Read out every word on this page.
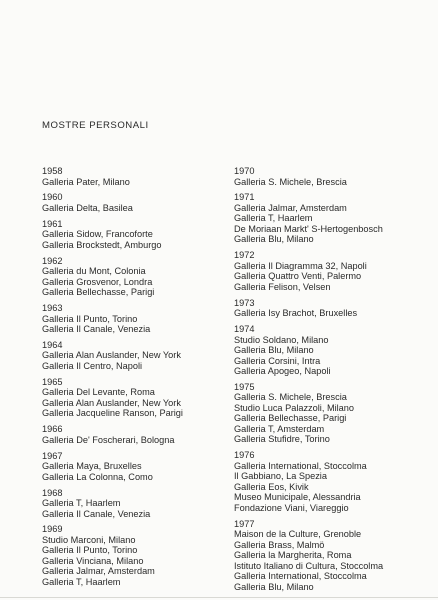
MOSTRE PERSONALI
1958
Galleria Pater, Milano
1960
Galleria Delta, Basilea
1961
Galleria Sidow, Francoforte
Galleria Brockstedt, Amburgo
1962
Galleria du Mont, Colonia
Galleria Grosvenor, Londra
Galleria Bellechasse, Parigi
1963
Galleria Il Punto, Torino
Galleria Il Canale, Venezia
1964
Galleria Alan Auslander, New York
Galleria Il Centro, Napoli
1965
Galleria Del Levante, Roma
Galleria Alan Auslander, New York
Galleria Jacqueline Ranson, Parigi
1966
Galleria De' Foscherari, Bologna
1967
Galleria Maya, Bruxelles
Galleria La Colonna, Como
1968
Galleria T, Haarlem
Galleria Il Canale, Venezia
1969
Studio Marconi, Milano
Galleria Il Punto, Torino
Galleria Vinciana, Milano
Galleria Jalmar, Amsterdam
Galleria T, Haarlem
1970
Galleria S. Michele, Brescia
1971
Galleria Jalmar, Amsterdam
Galleria T, Haarlem
De Moriaan Markt' S-Hertogenbosch
Galleria Blu, Milano
1972
Galleria Il Diagramma 32, Napoli
Galleria Quattro Venti, Palermo
Galleria Felison, Velsen
1973
Galleria Isy Brachot, Bruxelles
1974
Studio Soldano, Milano
Galleria Blu, Milano
Galleria Corsini, Intra
Galleria Apogeo, Napoli
1975
Galleria S. Michele, Brescia
Studio Luca Palazzoli, Milano
Galleria Bellechasse, Parigi
Galleria T, Amsterdam
Galleria Stufidre, Torino
1976
Galleria International, Stoccolma
Il Gabbiano, La Spezia
Galleria Eos, Kivik
Museo Municipale, Alessandria
Fondazione Viani, Viareggio
1977
Maison de la Culture, Grenoble
Galleria Brass, Malmö
Galleria la Margherita, Roma
Istituto Italiano di Cultura, Stoccolma
Galleria International, Stoccolma
Galleria Blu, Milano
